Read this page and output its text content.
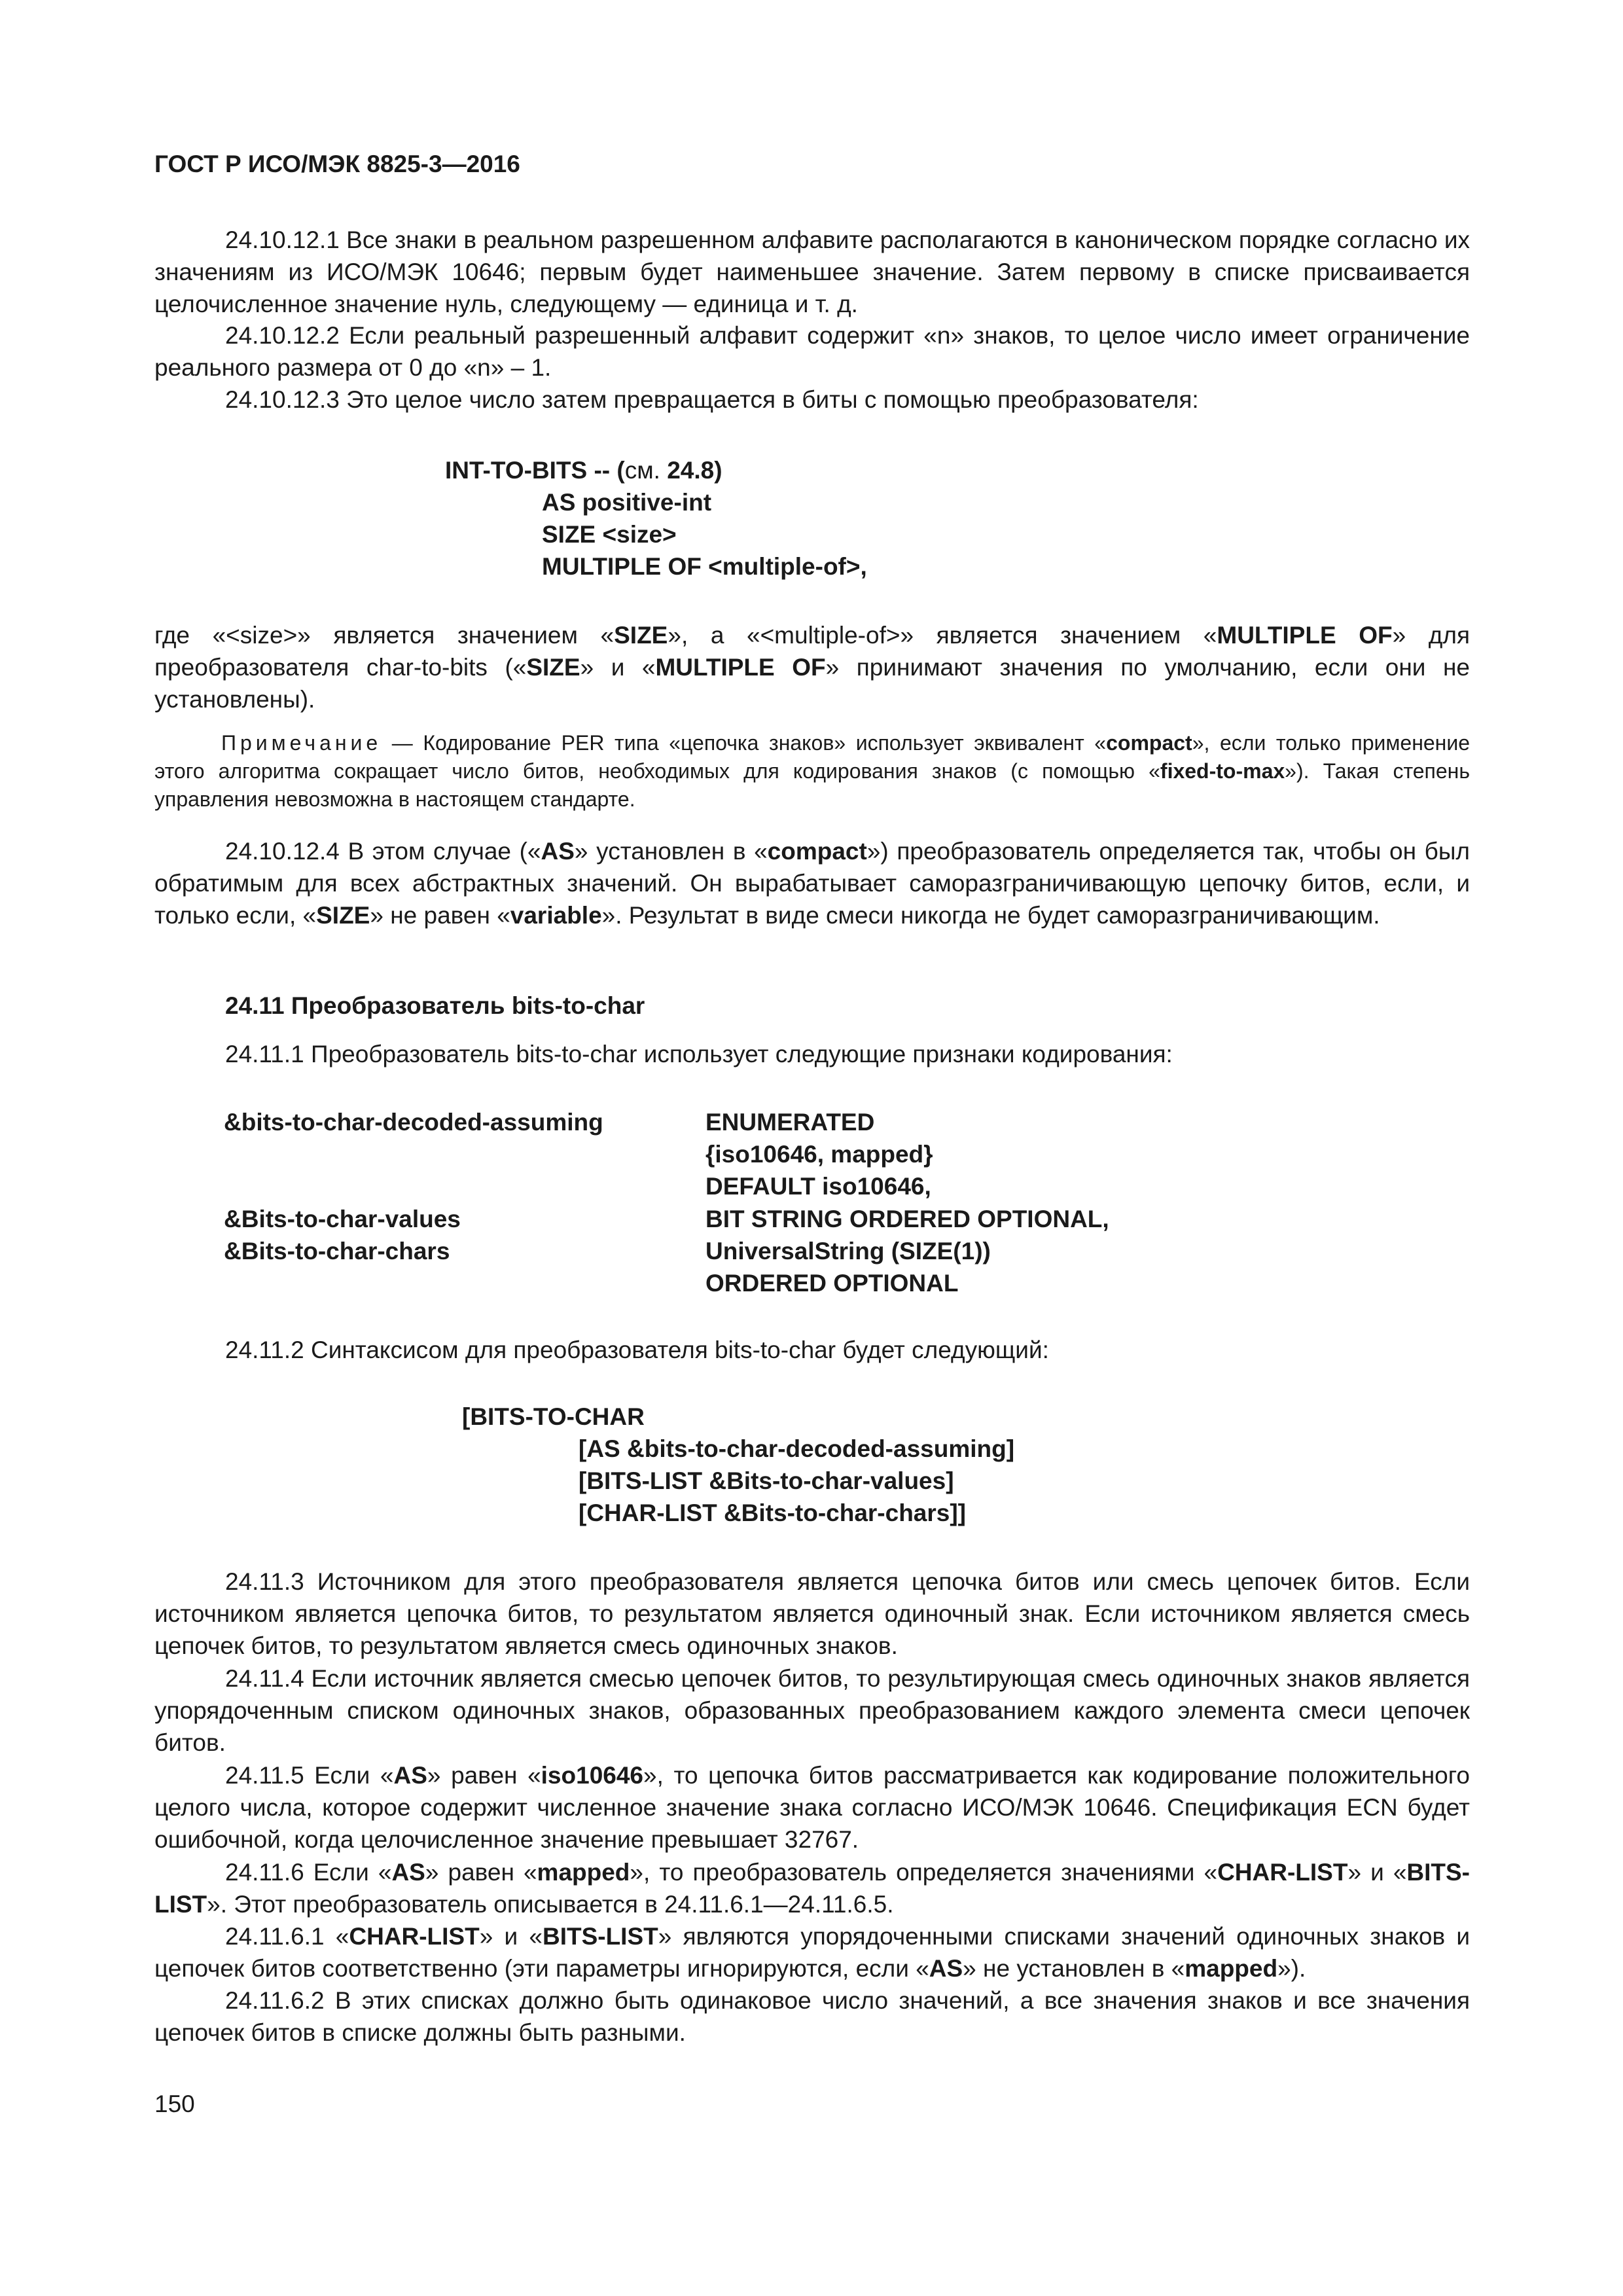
ГОСТ Р ИСО/МЭК 8825-3—2016
24.10.12.1 Все знаки в реальном разрешенном алфавите располагаются в каноническом порядке согласно их значениям из ИСО/МЭК 10646; первым будет наименьшее значение. Затем первому в списке присваивается целочисленное значение нуль, следующему — единица и т. д.
24.10.12.2 Если реальный разрешенный алфавит содержит «n» знаков, то целое число имеет ограничение реального размера от 0 до «n» – 1.
24.10.12.3 Это целое число затем превращается в биты с помощью преобразователя:
INT-TO-BITS -- (см. 24.8)
AS positive-int
SIZE <size>
MULTIPLE OF <multiple-of>,
где «<size>» является значением «SIZE», а «<multiple-of>» является значением «MULTIPLE OF» для преобразователя char-to-bits («SIZE» и «MULTIPLE OF» принимают значения по умолчанию, если они не установлены).
Примечание — Кодирование PER типа «цепочка знаков» использует эквивалент «compact», если только применение этого алгоритма сокращает число битов, необходимых для кодирования знаков (с помощью «fixed-to-max»). Такая степень управления невозможна в настоящем стандарте.
24.10.12.4 В этом случае («AS» установлен в «compact») преобразователь определяется так, чтобы он был обратимым для всех абстрактных значений. Он вырабатывает саморазграничивающую цепочку битов, если, и только если, «SIZE» не равен «variable». Результат в виде смеси никогда не будет саморазграничивающим.
24.11 Преобразователь bits-to-char
24.11.1 Преобразователь bits-to-char использует следующие признаки кодирования:
&bits-to-char-decoded-assuming	ENUMERATED
{iso10646, mapped}
DEFAULT iso10646,
&Bits-to-char-values	BIT STRING ORDERED OPTIONAL,
&Bits-to-char-chars	UniversalString (SIZE(1))
ORDERED OPTIONAL
24.11.2 Синтаксисом для преобразователя bits-to-char будет следующий:
[BITS-TO-CHAR
[AS &bits-to-char-decoded-assuming]
[BITS-LIST &Bits-to-char-values]
[CHAR-LIST &Bits-to-char-chars]]
24.11.3 Источником для этого преобразователя является цепочка битов или смесь цепочек битов. Если источником является цепочка битов, то результатом является одиночный знак. Если источником является смесь цепочек битов, то результатом является смесь одиночных знаков.
24.11.4 Если источник является смесью цепочек битов, то результирующая смесь одиночных знаков является упорядоченным списком одиночных знаков, образованных преобразованием каждого элемента смеси цепочек битов.
24.11.5 Если «AS» равен «iso10646», то цепочка битов рассматривается как кодирование положительного целого числа, которое содержит численное значение знака согласно ИСО/МЭК 10646. Спецификация ECN будет ошибочной, когда целочисленное значение превышает 32767.
24.11.6 Если «AS» равен «mapped», то преобразователь определяется значениями «CHAR-LIST» и «BITS-LIST». Этот преобразователь описывается в 24.11.6.1—24.11.6.5.
24.11.6.1 «CHAR-LIST» и «BITS-LIST» являются упорядоченными списками значений одиночных знаков и цепочек битов соответственно (эти параметры игнорируются, если «AS» не установлен в «mapped»).
24.11.6.2 В этих списках должно быть одинаковое число значений, а все значения знаков и все значения цепочек битов в списке должны быть разными.
150
